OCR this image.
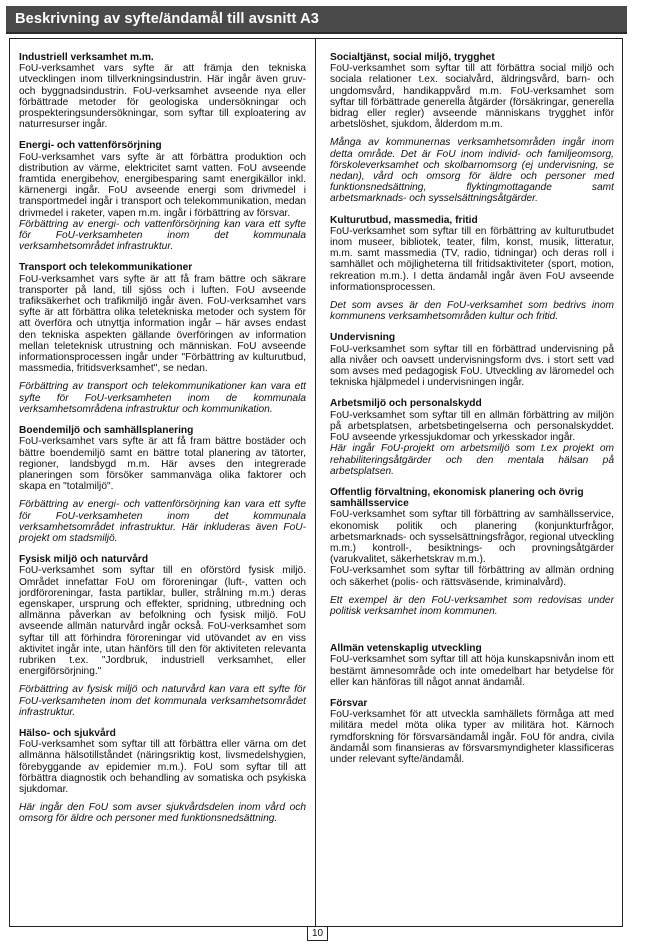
Beskrivning av syfte/ändamål till avsnitt A3

Industriell verksamhet m.m.

FoU-verksamhet vars syfte är att främja den tekniska utvecklingen inom tillverkningsindustrin. Här ingår även gruv- och byggnadsindustrin. FoU-verksamhet avseende nya eller förbättrade metoder för geologiska undersökningar och prospekteringsundersökningar, som syftar till exploatering av naturresurser ingår.

Energi- och vattenförsörjning

FoU-verksamhet vars syfte är att förbättra produktion och distribution av värme, elektricitet samt vatten. FoU avseende framtida energibehov, energibesparing samt energikällor inkl. kärnenergi ingår. FoU avseende energi som drivmedel i transportmedel ingår i transport och telekommunikation, medan drivmedel i raketer, vapen m.m. ingår i förbättring av försvar.

Förbättring av energi- och vattenförsörjning kan vara ett syfte för FoU-verksamheten inom det kommunala verksamhetsområdet infrastruktur.

Transport och telekommunikationer

FoU-verksamhet vars syfte är att få fram bättre och säkrare transporter på land, till sjöss och i luften. FoU avseende trafiksäkerhet och trafikmiljö ingår även. FoU-verksamhet vars syfte är att förbättra olika teletekniska metoder och system för att överföra och utnyttja information ingår – här avses endast den tekniska aspekten gällande överföringen av information mellan teleteknisk utrustning och människan. FoU avseende informationsprocessen ingår under "Förbättring av kulturutbud, massmedia, fritidsverksamhet", se nedan.

Förbättring av transport och telekommunikationer kan vara ett syfte för FoU-verksamheten inom de kommunala verksamhetsområdena infrastruktur och kommunikation.

Boendemiljö och samhällsplanering

FoU-verksamhet vars syfte är att få fram bättre bostäder och bättre boendemiljö samt en bättre total planering av tätorter, regioner, landsbygd m.m. Här avses den integrerade planeringen som försöker sammanväga olika faktorer och skapa en "totalmiljö".

Förbättring av energi- och vattenförsörjning kan vara ett syfte för FoU-verksamheten inom det kommunala verksamhetsområdet infrastruktur. Här inkluderas även FoU-projekt om stadsmiljö.

Fysisk miljö och naturvård

FoU-verksamhet som syftar till en oförstörd fysisk miljö. Området innefattar FoU om föroreningar (luft-, vatten och jordföroreningar, fasta partiklar, buller, strålning m.m.) deras egenskaper, ursprung och effekter, spridning, utbredning och allmänna påverkan av befolkning och fysisk miljö. FoU avseende allmän naturvård ingår också. FoU-verksamhet som syftar till att förhindra föroreningar vid utövandet av en viss aktivitet ingår inte, utan hänförs till den för aktiviteten relevanta rubriken t.ex. "Jordbruk, industriell verksamhet, eller energiförsörjning."

Förbättring av fysisk miljö och naturvård kan vara ett syfte för FoU-verksamheten inom det kommunala verksamhetsområdet infrastruktur.

Hälso- och sjukvård

FoU-verksamhet som syftar till att förbättra eller värna om det allmänna hälsotillståndet (näringsriktig kost, livsmedelshygien, förebyggande av epidemier m.m.). FoU som syftar till att förbättra diagnostik och behandling av somatiska och psykiska sjukdomar.

Här ingår den FoU som avser sjukvårdsdelen inom vård och omsorg för äldre och personer med funktionsnedsättning.

Socialtjänst, social miljö, trygghet

FoU-verksamhet som syftar till att förbättra social miljö och sociala relationer t.ex. socialvård, äldringsvård, barn- och ungdomsvård, handikappvård m.m. FoU-verksamhet som syftar till förbättrade generella åtgärder (försäkringar, generella bidrag eller regler) avseende människans trygghet inför arbetslöshet, sjukdom, ålderdom m.m.

Många av kommunernas verksamhetsområden ingår inom detta område. Det är FoU inom individ- och familjeomsorg, förskoleverksamhet och skolbarnomsorg (ej undervisning, se nedan), vård och omsorg för äldre och personer med funktionsnedsättning, flyktingmottagande samt arbetsmarknads- och sysselsättningsåtgärder.

Kulturutbud, massmedia, fritid

FoU-verksamhet som syftar till en förbättring av kulturutbudet inom museer, bibliotek, teater, film, konst, musik, litteratur, m.m. samt massmedia (TV, radio, tidningar) och deras roll i samhället och möjligheterna till fritidsaktiviteter (sport, motion, rekreation m.m.). I detta ändamål ingår även FoU avseende informationsprocessen.

Det som avses är den FoU-verksamhet som bedrivs inom kommunens verksamhetsområden kultur och fritid.

Undervisning

FoU-verksamhet som syftar till en förbättrad undervisning på alla nivåer och oavsett undervisningsform dvs. i stort sett vad som avses med pedagogisk FoU. Utveckling av läromedel och tekniska hjälpmedel i undervisningen ingår.

Arbetsmiljö och personalskydd

FoU-verksamhet som syftar till en allmän förbättring av miljön på arbetsplatsen, arbetsbetingelserna och personalskyddet. FoU avseende yrkessjukdomar och yrkesskador ingår.

Här ingår FoU-projekt om arbetsmiljö som t.ex projekt om rehabiliteringsåtgärder och den mentala hälsan på arbetsplatsen.

Offentlig förvaltning, ekonomisk planering och övrig samhällsservice

FoU-verksamhet som syftar till förbättring av samhällsservice, ekonomisk politik och planering (konjunkturfrågor, arbetsmarknads- och sysselsättningsfrågor, regional utveckling m.m.) kontroll-, besiktnings- och provningsåtgärder (varukvalitet, säkerhetskrav m.m.).

FoU-verksamhet som syftar till förbättring av allmän ordning och säkerhet (polis- och rättsväsende, kriminalvård).

Ett exempel är den FoU-verksamhet som redovisas under politisk verksamhet inom kommunen.

Allmän vetenskaplig utveckling

FoU-verksamhet som syftar till att höja kunskapsnivån inom ett bestämt ämnesområde och inte omedelbart har betydelse för eller kan hänföras till något annat ändamål.

Försvar

FoU-verksamhet för att utveckla samhällets förmåga att med militära medel möta olika typer av militära hot. Kärnoch rymdforskning för försvarsändamål ingår. FoU för andra, civila ändamål som finansieras av försvarsmyndigheter klassificeras under relevant syfte/ändamål.

10
